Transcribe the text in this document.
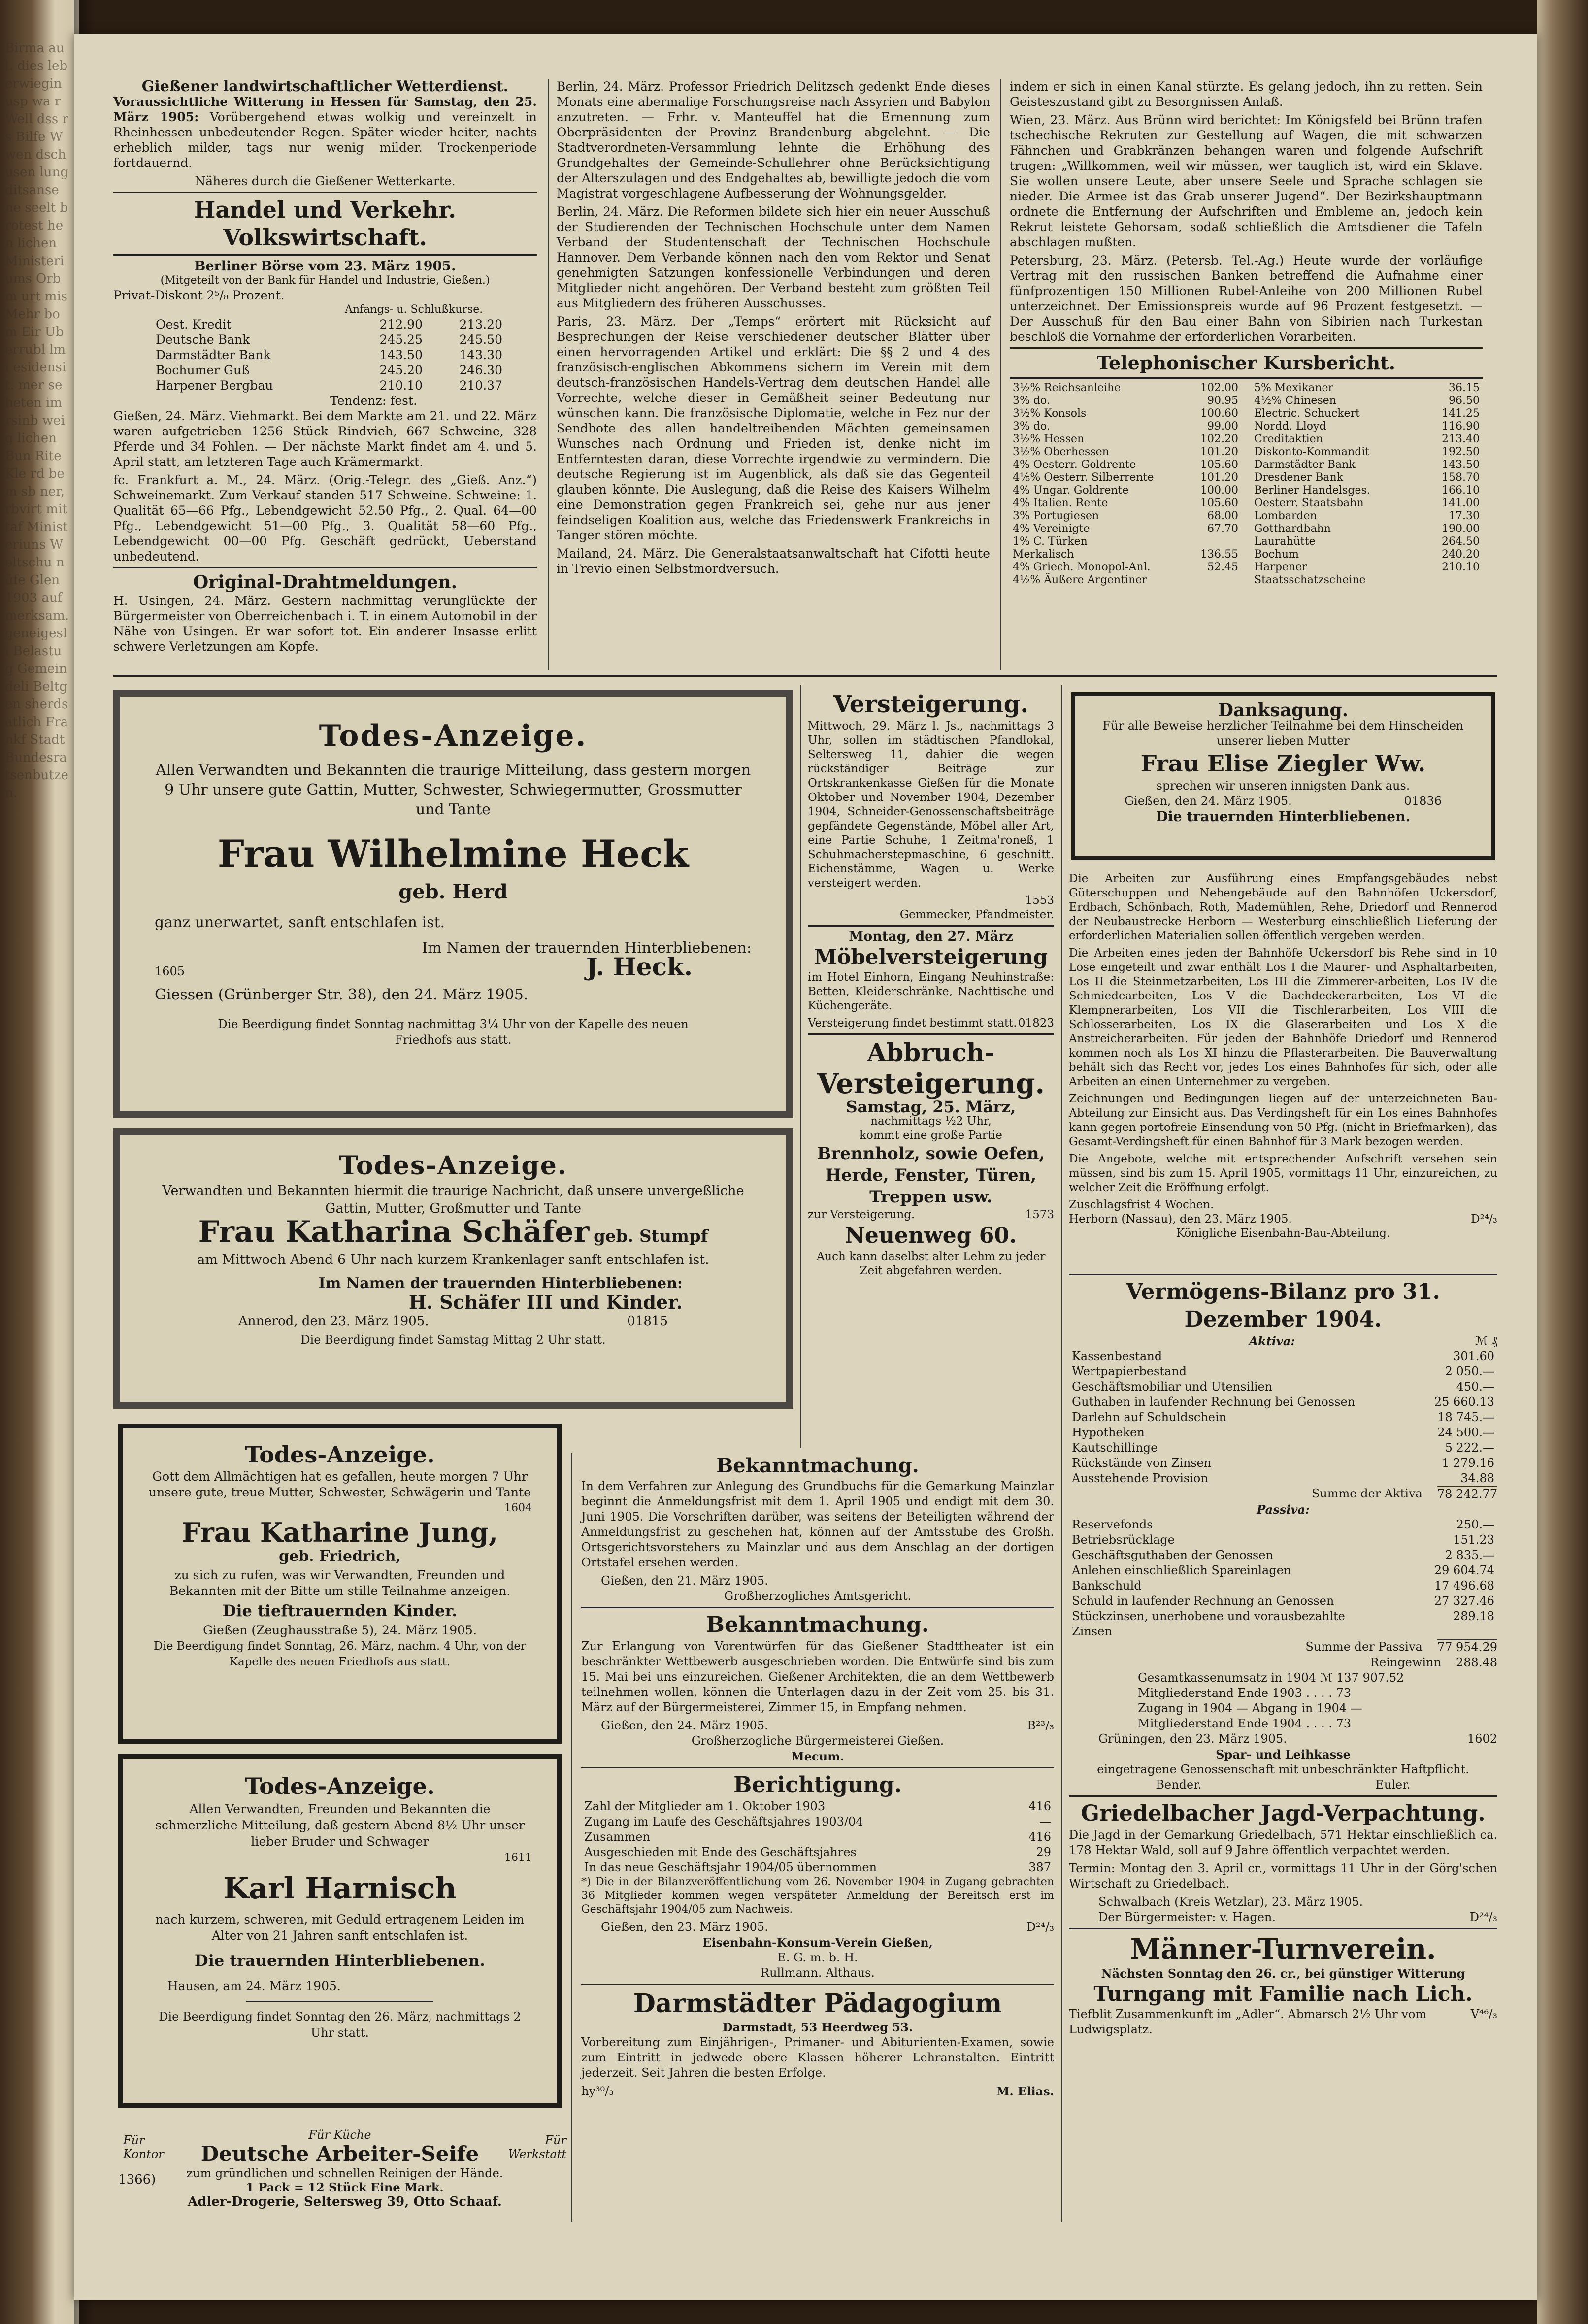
Birma au l. dies leberwiegin usp wa r Well dss rs Bilfe W wen dschusen lung ditsanse ne seelt brotest hen lichen Ministeriums Orbm urt mis Mehr bom Eir Uberrubl lmi esidensit. mer seheten im rsinb weig lichen Bun Rite Kle rd bem sb ner, rbvirt mittaf Ministeriuns Weltschu nüfe Glen 1903 aufmerksam. geneigesli Belastug Gemeindeli Beltgen sherdsatlich Frankf Stadt Bundesratsenbutzen.
Gießener landwirtschaftlicher Wetterdienst.

Voraussichtliche Witterung in Hessen für Samstag, den 25. März 1905: Vorübergehend etwas wolkig und vereinzelt in Rheinhessen unbedeutender Regen. Später wieder heiter, nachts erheblich milder, tags nur wenig milder. Trockenperiode fortdauernd.

Näheres durch die Gießener Wetterkarte.
Handel und Verkehr. Volkswirtschaft.
Berliner Börse vom 23. März 1905.
(Mitgeteilt von der Bank für Handel und Industrie, Gießen.)
Privat-Diskont 2⁵/₈ Prozent.
Anfangs- u. Schlußkurse.
Oest. Kredit	212.90	213.20
Deutsche Bank	245.25	245.50
Darmstädter Bank	143.50	143.30
Bochumer Guß	245.20	246.30
Harpener Bergbau	210.10	210.37
Tendenz: fest.

Gießen, 24. März. Viehmarkt. Bei dem Markte am 21. und 22. März waren aufgetrieben 1256 Stück Rindvieh, 667 Schweine, 328 Pferde und 34 Fohlen. — Der nächste Markt findet am 4. und 5. April statt, am letzteren Tage auch Krämermarkt.

fc. Frankfurt a. M., 24. März. (Orig.-Telegr. des „Gieß. Anz.“) Schweinemarkt. Zum Verkauf standen 517 Schweine. Schweine: 1. Qualität 65—66 Pfg., Lebendgewicht 52.50 Pfg., 2. Qual. 64—00 Pfg., Lebendgewicht 51—00 Pfg., 3. Qualität 58—60 Pfg., Lebendgewicht 00—00 Pfg. Geschäft gedrückt, Ueberstand unbedeutend.

Original-Drahtmeldungen.

H. Usingen, 24. März. Gestern nachmittag verunglückte der Bürgermeister von Oberreichenbach i. T. in einem Automobil in der Nähe von Usingen. Er war sofort tot. Ein anderer Insasse erlitt schwere Verletzungen am Kopfe.

Berlin, 24. März. Professor Friedrich Delitzsch gedenkt Ende dieses Monats eine abermalige Forschungsreise nach Assyrien und Babylon anzutreten. — Frhr. v. Manteuffel hat die Ernennung zum Oberpräsidenten der Provinz Brandenburg abgelehnt. — Die Stadtverordneten-Versammlung lehnte die Erhöhung des Grundgehaltes der Gemeinde-Schullehrer ohne Berücksichtigung der Alterszulagen und des Endgehaltes ab, bewilligte jedoch die vom Magistrat vorgeschlagene Aufbesserung der Wohnungsgelder.

Berlin, 24. März. Die Reformen bildete sich hier ein neuer Ausschuß der Studierenden der Technischen Hochschule unter dem Namen Verband der Studentenschaft der Technischen Hochschule Hannover. Dem Verbande können nach den vom Rektor und Senat genehmigten Satzungen konfessionelle Verbindungen und deren Mitglieder nicht angehören. Der Verband besteht zum größten Teil aus Mitgliedern des früheren Ausschusses.

Paris, 23. März. Der „Temps“ erörtert mit Rücksicht auf Besprechungen der Reise verschiedener deutscher Blätter über einen hervorragenden Artikel und erklärt: Die §§ 2 und 4 des französisch-englischen Abkommens sichern im Verein mit dem deutsch-französischen Handels-Vertrag dem deutschen Handel alle Vorrechte, welche dieser in Gemäßheit seiner Bedeutung nur wünschen kann. Die französische Diplomatie, welche in Fez nur der Sendbote des allen handeltreibenden Mächten gemeinsamen Wunsches nach Ordnung und Frieden ist, denke nicht im Entferntesten daran, diese Vorrechte irgendwie zu vermindern. Die deutsche Regierung ist im Augenblick, als daß sie das Gegenteil glauben könnte. Die Auslegung, daß die Reise des Kaisers Wilhelm eine Demonstration gegen Frankreich sei, gehe nur aus jener feindseligen Koalition aus, welche das Friedenswerk Frankreichs in Tanger stören möchte.

Mailand, 24. März. Die Generalstaatsanwaltschaft hat Cifotti heute in Trevio einen Selbstmordversuch.

indem er sich in einen Kanal stürzte. Es gelang jedoch, ihn zu retten. Sein Geisteszustand gibt zu Besorgnissen Anlaß.

Wien, 23. März. Aus Brünn wird berichtet: Im Königsfeld bei Brünn trafen tschechische Rekruten zur Gestellung auf Wagen, die mit schwarzen Fähnchen und Grabkränzen behangen waren und folgende Aufschrift trugen: „Willkommen, weil wir müssen, wer tauglich ist, wird ein Sklave. Sie wollen unsere Leute, aber unsere Seele und Sprache schlagen sie nieder. Die Armee ist das Grab unserer Jugend“. Der Bezirkshauptmann ordnete die Entfernung der Aufschriften und Embleme an, jedoch kein Rekrut leistete Gehorsam, sodaß schließlich die Amtsdiener die Tafeln abschlagen mußten.

Petersburg, 23. März. (Petersb. Tel.-Ag.) Heute wurde der vorläufige Vertrag mit den russischen Banken betreffend die Aufnahme einer fünfprozentigen 150 Millionen Rubel-Anleihe von 200 Millionen Rubel unterzeichnet. Der Emissionspreis wurde auf 96 Prozent festgesetzt. — Der Ausschuß für den Bau einer Bahn von Sibirien nach Turkestan beschloß die Vornahme der erforderlichen Vorarbeiten.

Telephonischer Kursbericht.
3½% Reichsanleihe	102.00
3% do.	90.95
3½% Konsols	100.60
3% do.	99.00
3½% Hessen	102.20
3½% Oberhessen	101.20
4% Oesterr. Goldrente	105.60
4⅕% Oesterr. Silberrente	101.20
4% Ungar. Goldrente	100.00
4% Italien. Rente	105.60
3% Portugiesen	68.00
4% Vereinigte	67.70
1% C. Türken	
Merkalisch	136.55
4% Griech. Monopol-Anl.	52.45
4½% Äußere Argentiner	
5% Mexikaner	36.15
4½% Chinesen	96.50
Electric. Schuckert	141.25
Nordd. Lloyd	116.90
Creditaktien	213.40
Diskonto-Kommandit	192.50
Darmstädter Bank	143.50
Dresdener Bank	158.70
Berliner Handelsges.	166.10
Oesterr. Staatsbahn	141.00
Lombarden	17.30
Gotthardbahn	190.00
Laurahütte	264.50
Bochum	240.20
Harpener	210.10
Staatsschatzscheine	
Todes-Anzeige.
Allen Verwandten und Bekannten die traurige Mitteilung, dass gestern morgen 9 Uhr unsere gute Gattin, Mutter, Schwester, Schwiegermutter, Grossmutter und Tante
Frau Wilhelmine Heck
geb. Herd
ganz unerwartet, sanft entschlafen ist.
Im Namen der trauernden Hinterbliebenen:
1605	J. Heck.
Giessen (Grünberger Str. 38), den 24. März 1905.
Die Beerdigung findet Sonntag nachmittag 3¼ Uhr von der Kapelle des neuen Friedhofs aus statt.
Todes-Anzeige.
Verwandten und Bekannten hiermit die traurige Nachricht, daß unsere unvergeßliche Gattin, Mutter, Großmutter und Tante
Frau Katharina Schäfer geb. Stumpf
am Mittwoch Abend 6 Uhr nach kurzem Krankenlager sanft entschlafen ist.
Im Namen der trauernden Hinterbliebenen:
H. Schäfer III und Kinder.
Annerod, den 23. März 1905.	01815
Die Beerdigung findet Samstag Mittag 2 Uhr statt.
Todes-Anzeige.
Gott dem Allmächtigen hat es gefallen, heute morgen 7 Uhr unsere gute, treue Mutter, Schwester, Schwägerin und Tante
1604
Frau Katharine Jung,
geb. Friedrich,
zu sich zu rufen, was wir Verwandten, Freunden und Bekannten mit der Bitte um stille Teilnahme anzeigen.
Die tieftrauernden Kinder.
Gießen (Zeughausstraße 5), 24. März 1905.
Die Beerdigung findet Sonntag, 26. März, nachm. 4 Uhr, von der Kapelle des neuen Friedhofs aus statt.
Todes-Anzeige.
Allen Verwandten, Freunden und Bekannten die schmerzliche Mitteilung, daß gestern Abend 8½ Uhr unser lieber Bruder und Schwager
1611
Karl Harnisch
nach kurzem, schweren, mit Geduld ertragenem Leiden im Alter von 21 Jahren sanft entschlafen ist.
Die trauernden Hinterbliebenen.
Hausen, am 24. März 1905.
Die Beerdigung findet Sonntag den 26. März, nachmittags 2 Uhr statt.
Für Kontor
Für Küche
Deutsche Arbeiter-Seife
Für Werkstatt
zum gründlichen und schnellen Reinigen der Hände.
1 Pack = 12 Stück Eine Mark.
Adler-Drogerie, Seltersweg 39, Otto Schaaf.
1366)
Versteigerung.

Mittwoch, 29. März l. Js., nachmittags 3 Uhr, sollen im städtischen Pfandlokal, Seltersweg 11, dahier die wegen rückständiger Beiträge zur Ortskrankenkasse Gießen für die Monate Oktober und November 1904, Dezember 1904, Schneider-Genossenschaftsbeiträge gepfändete Gegenstände, Möbel aller Art, eine Partie Schuhe, 1 Zeitma'roneß, 1 Schuhmacherstepmaschine, 6 geschnitt. Eichenstämme, Wagen u. Werke versteigert werden.

1553
Gemmecker, Pfandmeister.
Montag, den 27. März
Möbelversteigerung

im Hotel Einhorn, Eingang Neuhinstraße: Betten, Kleiderschränke, Nachttische und Küchengeräte.

Versteigerung findet bestimmt statt. 01823
Abbruch-
Versteigerung.
Samstag, 25. März,
nachmittags ½2 Uhr,
kommt eine große Partie
Brennholz, sowie Oefen, Herde, Fenster, Türen, Treppen usw.
zur Versteigerung.	1573
Neuenweg 60.
Auch kann daselbst alter Lehm zu jeder Zeit abgefahren werden.
Danksagung.
Für alle Beweise herzlicher Teilnahme bei dem Hinscheiden unserer lieben Mutter
Frau Elise Ziegler Ww.
sprechen wir unseren innigsten Dank aus.
Gießen, den 24. März 1905.	01836
Die trauernden Hinterbliebenen.

Die Arbeiten zur Ausführung eines Empfangsgebäudes nebst Güterschuppen und Nebengebäude auf den Bahnhöfen Uckersdorf, Erdbach, Schönbach, Roth, Mademühlen, Rehe, Driedorf und Rennerod der Neubaustrecke Herborn — Westerburg einschließlich Lieferung der erforderlichen Materialien sollen öffentlich vergeben werden.

Die Arbeiten eines jeden der Bahnhöfe Uckersdorf bis Rehe sind in 10 Lose eingeteilt und zwar enthält Los I die Maurer- und Asphaltarbeiten, Los II die Steinmetzarbeiten, Los III die Zimmerer-arbeiten, Los IV die Schmiedearbeiten, Los V die Dachdeckerarbeiten, Los VI die Klempnerarbeiten, Los VII die Tischlerarbeiten, Los VIII die Schlosserarbeiten, Los IX die Glaserarbeiten und Los X die Anstreicherarbeiten. Für jeden der Bahnhöfe Driedorf und Rennerod kommen noch als Los XI hinzu die Pflasterarbeiten. Die Bauverwaltung behält sich das Recht vor, jedes Los eines Bahnhofes für sich, oder alle Arbeiten an einen Unternehmer zu vergeben.

Zeichnungen und Bedingungen liegen auf der unterzeichneten Bau-Abteilung zur Einsicht aus. Das Verdingsheft für ein Los eines Bahnhofes kann gegen portofreie Einsendung von 50 Pfg. (nicht in Briefmarken), das Gesamt-Verdingsheft für einen Bahnhof für 3 Mark bezogen werden.

Die Angebote, welche mit entsprechender Aufschrift versehen sein müssen, sind bis zum 15. April 1905, vormittags 11 Uhr, einzureichen, zu welcher Zeit die Eröffnung erfolgt.

Zuschlagsfrist 4 Wochen.
Herborn (Nassau), den 23. März 1905.	D²⁴/₃
Königliche Eisenbahn-Bau-Abteilung.
Vermögens-Bilanz pro 31. Dezember 1904.
Aktiva:	ℳ ₰
Kassenbestand	301.60
Wertpapierbestand	2 050.—
Geschäftsmobiliar und Utensilien	450.—
Guthaben in laufender Rechnung bei Genossen	25 660.13
Darlehn auf Schuldschein	18 745.—
Hypotheken	24 500.—
Kautschillinge	5 222.—
Rückstände von Zinsen	1 279.16
Ausstehende Provision	34.88
Summe der Aktiva 78 242.77
Passiva:
Reservefonds	250.—
Betriebsrücklage	151.23
Geschäftsguthaben der Genossen	2 835.—
Anlehen einschließlich Spareinlagen	29 604.74
Bankschuld	17 496.68
Schuld in laufender Rechnung an Genossen	27 327.46
Stückzinsen, unerhobene und vorausbezahlte Zinsen	289.18
Summe der Passiva 77 954.29
Reingewinn 288.48
Gesamtkassenumsatz in 1904 ℳ 137 907.52
Mitgliederstand Ende 1903 . . . . 73
Zugang in 1904 — Abgang in 1904 —
Mitgliederstand Ende 1904 . . . . 73
Grüningen, den 23. März 1905.	1602
Spar- und Leihkasse
eingetragene Genossenschaft mit unbeschränkter Haftpflicht.
Bender.	Euler.
Griedelbacher Jagd-Verpachtung.

Die Jagd in der Gemarkung Griedelbach, 571 Hektar einschließlich ca. 178 Hektar Wald, soll auf 9 Jahre öffentlich verpachtet werden.

Termin: Montag den 3. April cr., vormittags 11 Uhr in der Görg'schen Wirtschaft zu Griedelbach.

Schwalbach (Kreis Wetzlar), 23. März 1905.
Der Bürgermeister: v. Hagen.	D²⁴/₃
Männer-Turnverein.
Nächsten Sonntag den 26. cr., bei günstiger Witterung
Turngang mit Familie nach Lich.
Tiefblit Zusammenkunft im „Adler“. Abmarsch 2½ Uhr vom Ludwigsplatz.
V⁴⁶/₃
Bekanntmachung.

In dem Verfahren zur Anlegung des Grundbuchs für die Gemarkung Mainzlar beginnt die Anmeldungsfrist mit dem 1. April 1905 und endigt mit dem 30. Juni 1905. Die Vorschriften darüber, was seitens der Beteiligten während der Anmeldungsfrist zu geschehen hat, können auf der Amtsstube des Großh. Ortsgerichtsvorstehers zu Mainzlar und aus dem Anschlag an der dortigen Ortstafel ersehen werden.

Gießen, den 21. März 1905.
Großherzogliches Amtsgericht.
Bekanntmachung.

Zur Erlangung von Vorentwürfen für das Gießener Stadttheater ist ein beschränkter Wettbewerb ausgeschrieben worden. Die Entwürfe sind bis zum 15. Mai bei uns einzureichen. Gießener Architekten, die an dem Wettbewerb teilnehmen wollen, können die Unterlagen dazu in der Zeit vom 25. bis 31. März auf der Bürgermeisterei, Zimmer 15, in Empfang nehmen.

Gießen, den 24. März 1905.	B²³/₃
Großherzogliche Bürgermeisterei Gießen.
Mecum.
Berichtigung.
Zahl der Mitglieder am 1. Oktober 1903	416
Zugang im Laufe des Geschäftsjahres 1903/04	—
Zusammen	416
Ausgeschieden mit Ende des Geschäftsjahres	29
In das neue Geschäftsjahr 1904/05 übernommen	387

*) Die in der Bilanzveröffentlichung vom 26. November 1904 in Zugang gebrachten 36 Mitglieder kommen wegen verspäteter Anmeldung der Bereitsch erst im Geschäftsjahr 1904/05 zum Nachweis.

Gießen, den 23. März 1905.	D²⁴/₃
Eisenbahn-Konsum-Verein Gießen,
E. G. m. b. H.
Rullmann. Althaus.
Darmstädter Pädagogium
Darmstadt, 53 Heerdweg 53.

Vorbereitung zum Einjährigen-, Primaner- und Abiturienten-Examen, sowie zum Eintritt in jedwede obere Klassen höherer Lehranstalten. Eintritt jederzeit. Seit Jahren die besten Erfolge.

hy³⁰/₃	M. Elias.
